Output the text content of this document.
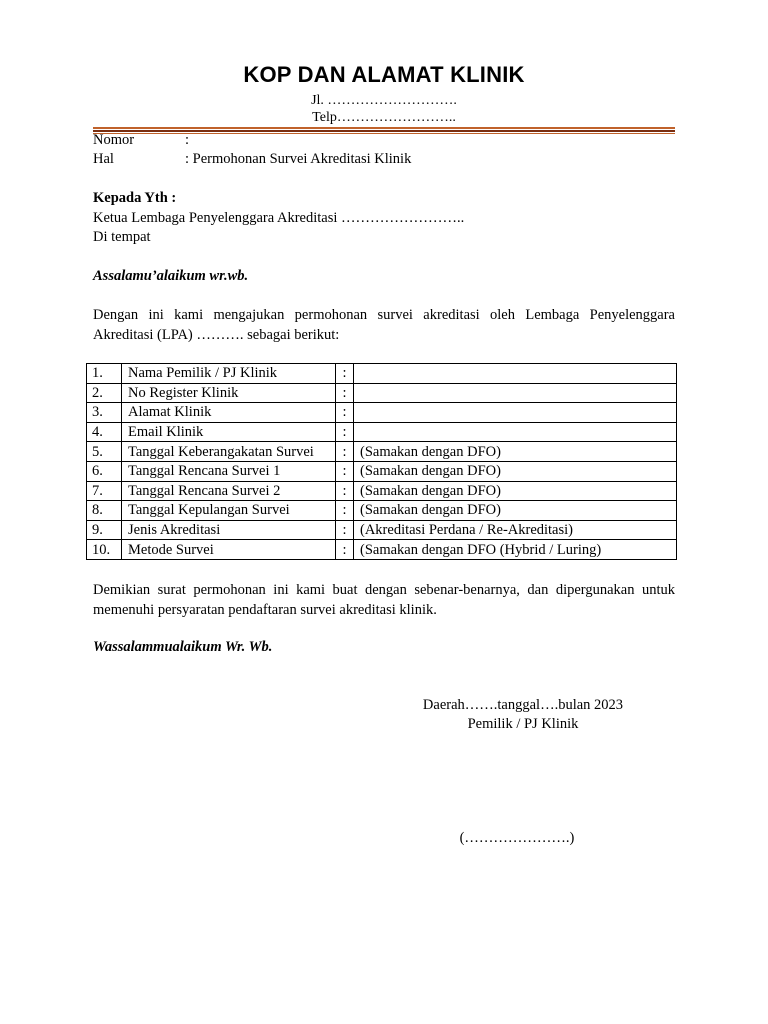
KOP DAN ALAMAT KLINIK
Jl. ……………………….
Telp……………………..
Nomor	:
Hal	: Permohonan Survei Akreditasi Klinik
Kepada Yth :
Ketua Lembaga Penyelenggara Akreditasi ……………………..
Di tempat
Assalamu’alaikum wr.wb.
Dengan ini kami mengajukan permohonan survei akreditasi oleh Lembaga Penyelenggara Akreditasi (LPA) ………. sebagai berikut:
1.	Nama Pemilik / PJ Klinik	:	
2.	No Register Klinik	:	
3.	Alamat Klinik	:	
4.	Email Klinik	:	
5.	Tanggal Keberangakatan Survei	:	(Samakan dengan DFO)
6.	Tanggal Rencana Survei 1	:	(Samakan dengan DFO)
7.	Tanggal Rencana Survei 2	:	(Samakan dengan DFO)
8.	Tanggal Kepulangan Survei	:	(Samakan dengan DFO)
9.	Jenis Akreditasi	:	(Akreditasi Perdana / Re-Akreditasi)
10.	Metode Survei	:	(Samakan dengan DFO (Hybrid / Luring)
Demikian surat permohonan ini kami buat dengan sebenar-benarnya, dan dipergunakan untuk memenuhi persyaratan pendaftaran survei akreditasi klinik.
Wassalammualaikum Wr. Wb.
Daerah…….tanggal….bulan 2023
Pemilik / PJ Klinik
(………………….)
